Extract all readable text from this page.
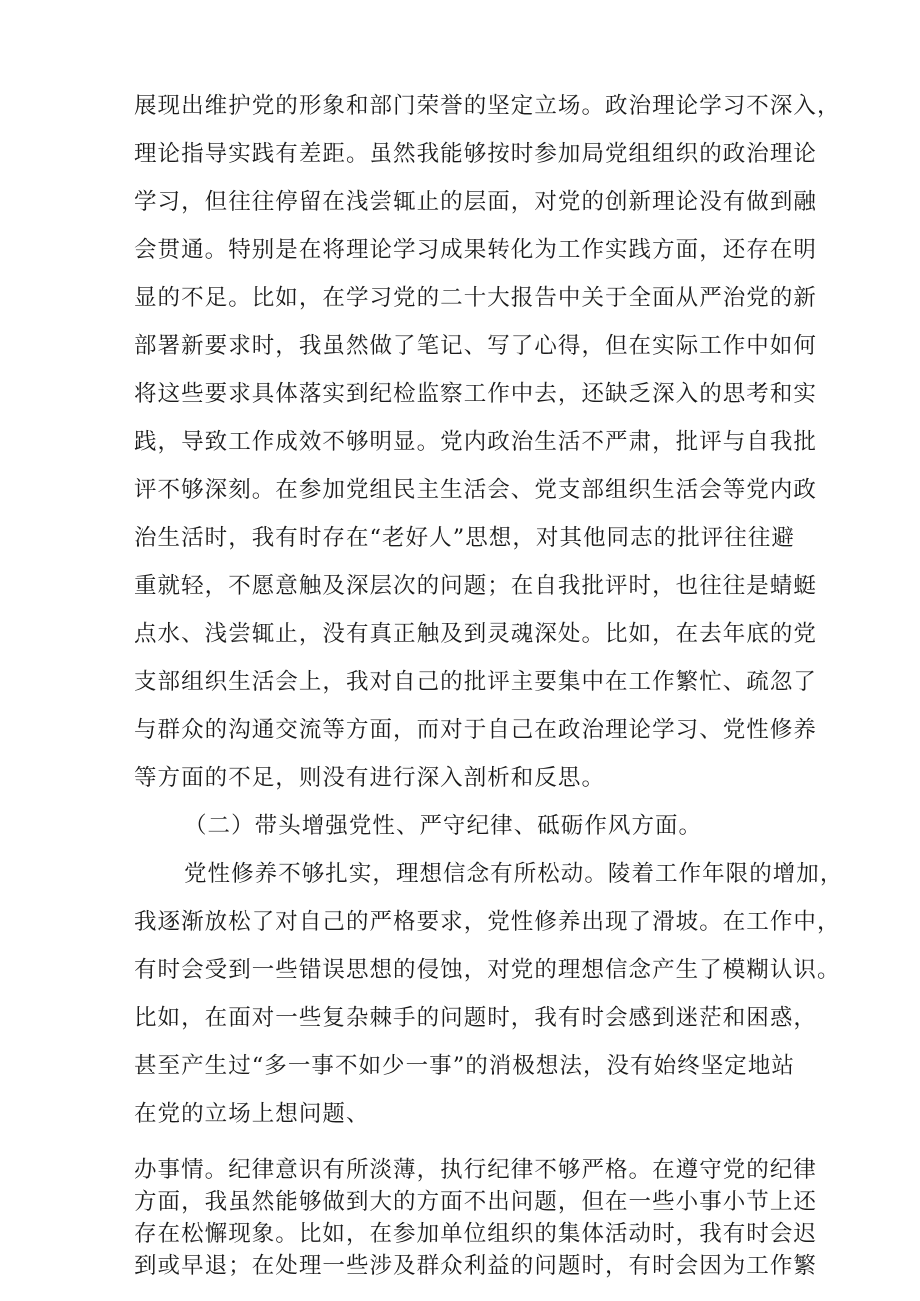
展现出维护党的形象和部门荣誉的坚定立场。政治理论学习不深入，
理论指导实践有差距。虽然我能够按时参加局党组组织的政治理论
学习，但往往停留在浅尝辄止的层面，对党的创新理论没有做到融
会贯通。特别是在将理论学习成果转化为工作实践方面，还存在明
显的不足。比如，在学习党的二十大报告中关于全面从严治党的新
部署新要求时，我虽然做了笔记、写了心得，但在实际工作中如何
将这些要求具体落实到纪检监察工作中去，还缺乏深入的思考和实
践，导致工作成效不够明显。党内政治生活不严肃，批评与自我批
评不够深刻。在参加党组民主生活会、党支部组织生活会等党内政
治生活时，我有时存在“老好人”思想，对其他同志的批评往往避
重就轻，不愿意触及深层次的问题；在自我批评时，也往往是蜻蜓
点水、浅尝辄止，没有真正触及到灵魂深处。比如，在去年底的党
支部组织生活会上，我对自己的批评主要集中在工作繁忙、疏忽了
与群众的沟通交流等方面，而对于自己在政治理论学习、党性修养
等方面的不足，则没有进行深入剖析和反思。
（二）带头增强党性、严守纪律、砥砺作风方面。
党性修养不够扎实，理想信念有所松动。陵着工作年限的增加，
我逐渐放松了对自己的严格要求，党性修养出现了滑坡。在工作中，
有时会受到一些错误思想的侵蚀，对党的理想信念产生了模糊认识。
比如，在面对一些复杂棘手的问题时，我有时会感到迷茫和困惑，
甚至产生过“多一事不如少一事”的消极想法，没有始终坚定地站
在党的立场上想问题、
办事情。纪律意识有所淡薄，执行纪律不够严格。在遵守党的纪律
方面，我虽然能够做到大的方面不出问题，但在一些小事小节上还
存在松懈现象。比如，在参加单位组织的集体活动时，我有时会迟
到或早退；在处理一些涉及群众利益的问题时，有时会因为工作繁
